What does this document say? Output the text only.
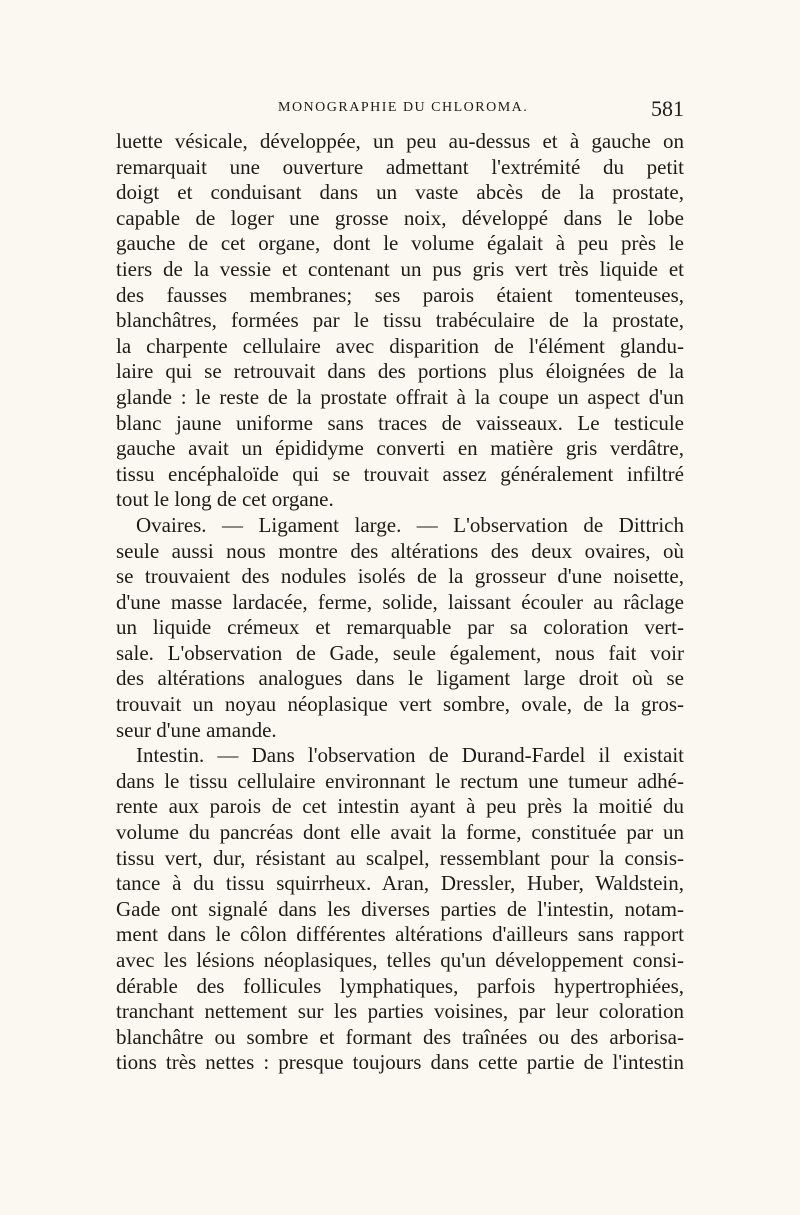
MONOGRAPHIE DU CHLOROMA.	581
luette vésicale, développée, un peu au-dessus et à gauche on
remarquait une ouverture admettant l'extrémité du petit
doigt et conduisant dans un vaste abcès de la prostate,
capable de loger une grosse noix, développé dans le lobe
gauche de cet organe, dont le volume égalait à peu près le
tiers de la vessie et contenant un pus gris vert très liquide et
des fausses membranes; ses parois étaient tomenteuses,
blanchâtres, formées par le tissu trabéculaire de la prostate,
la charpente cellulaire avec disparition de l'élément glandu-
laire qui se retrouvait dans des portions plus éloignées de la
glande : le reste de la prostate offrait à la coupe un aspect d'un
blanc jaune uniforme sans traces de vaisseaux. Le testicule
gauche avait un épididyme converti en matière gris verdâtre,
tissu encéphaloïde qui se trouvait assez généralement infiltré
tout le long de cet organe.
Ovaires. — Ligament large. — L'observation de Dittrich
seule aussi nous montre des altérations des deux ovaires, où
se trouvaient des nodules isolés de la grosseur d'une noisette,
d'une masse lardacée, ferme, solide, laissant écouler au râclage
un liquide crémeux et remarquable par sa coloration vert-
sale. L'observation de Gade, seule également, nous fait voir
des altérations analogues dans le ligament large droit où se
trouvait un noyau néoplasique vert sombre, ovale, de la gros-
seur d'une amande.
Intestin. — Dans l'observation de Durand-Fardel il existait
dans le tissu cellulaire environnant le rectum une tumeur adhé-
rente aux parois de cet intestin ayant à peu près la moitié du
volume du pancréas dont elle avait la forme, constituée par un
tissu vert, dur, résistant au scalpel, ressemblant pour la consis-
tance à du tissu squirrheux. Aran, Dressler, Huber, Waldstein,
Gade ont signalé dans les diverses parties de l'intestin, notam-
ment dans le côlon différentes altérations d'ailleurs sans rapport
avec les lésions néoplasiques, telles qu'un développement consi-
dérable des follicules lymphatiques, parfois hypertrophiées,
tranchant nettement sur les parties voisines, par leur coloration
blanchâtre ou sombre et formant des traînées ou des arborisa-
tions très nettes : presque toujours dans cette partie de l'intestin
